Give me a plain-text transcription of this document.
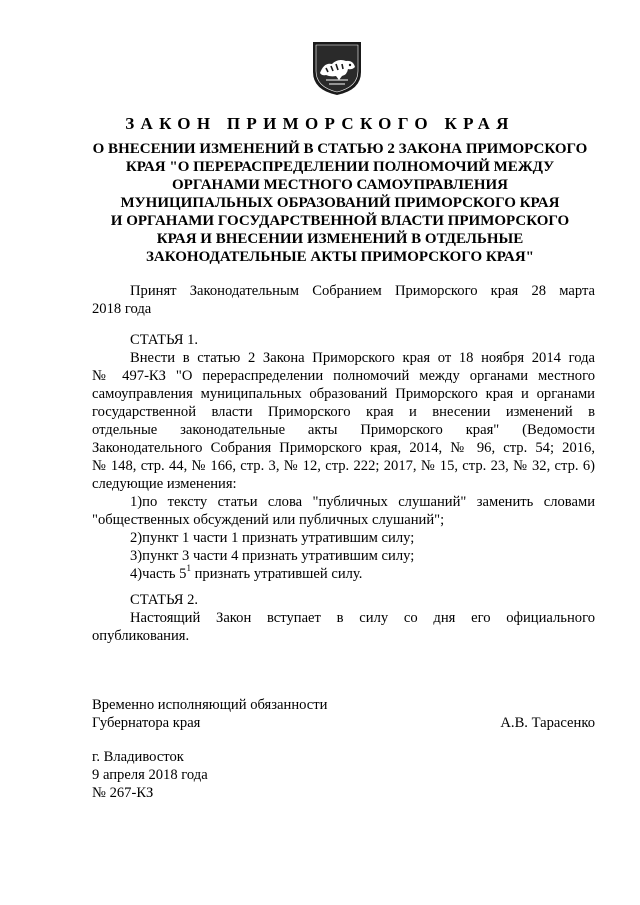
ЗАКОН ПРИМОРСКОГО КРАЯ
О ВНЕСЕНИИ ИЗМЕНЕНИЙ В СТАТЬЮ 2 ЗАКОНА ПРИМОРСКОГО
КРАЯ "О ПЕРЕРАСПРЕДЕЛЕНИИ ПОЛНОМОЧИЙ МЕЖДУ
ОРГАНАМИ МЕСТНОГО САМОУПРАВЛЕНИЯ
МУНИЦИПАЛЬНЫХ ОБРАЗОВАНИЙ ПРИМОРСКОГО КРАЯ
И ОРГАНАМИ ГОСУДАРСТВЕННОЙ ВЛАСТИ ПРИМОРСКОГО
КРАЯ И ВНЕСЕНИИ ИЗМЕНЕНИЙ В ОТДЕЛЬНЫЕ
ЗАКОНОДАТЕЛЬНЫЕ АКТЫ ПРИМОРСКОГО КРАЯ"
Принят Законодательным Собранием Приморского края 28 марта
2018 года
СТАТЬЯ 1.
Внести в статью 2 Закона Приморского края от 18 ноября 2014 года
№ 497-КЗ "О перераспределении полномочий между органами местного
самоуправления муниципальных образований Приморского края и органами
государственной власти Приморского края и внесении изменений в
отдельные законодательные акты Приморского края" (Ведомости
Законодательного Собрания Приморского края, 2014, № 96, стр. 54; 2016,
№ 148, стр. 44, № 166, стр. 3, № 12, стр. 222; 2017, № 15, стр. 23, № 32, стр. 6)
следующие изменения:
1)по тексту статьи слова "публичных слушаний" заменить словами
"общественных обсуждений или публичных слушаний";
2)пункт 1 части 1 признать утратившим силу;
3)пункт 3 части 4 признать утратившим силу;
4)часть $5^1$ признать утратившей силу.
СТАТЬЯ 2.
Настоящий Закон вступает в силу со дня его официального
опубликования.
Временно исполняющий обязанности
Губернатора края	А.В. Тарасенко
г. Владивосток
9 апреля 2018 года
№ 267-КЗ
